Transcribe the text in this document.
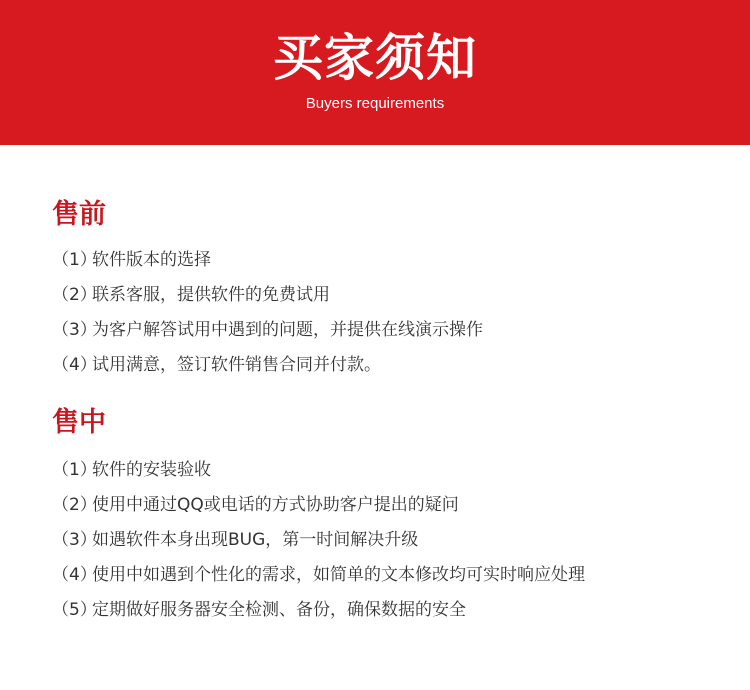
买家须知
Buyers requirements
售前
（1）
软件版本的选择
（2）
联系客服，提供软件的免费试用
（3）
为客户解答试用中遇到的问题，并提供在线演示操作
（4）
试用满意，签订软件销售合同并付款。
售中
（1）
软件的安装验收
（2）
使用中通过QQ或电话的方式协助客户提出的疑问
（3）
如遇软件本身出现BUG，第一时间解决升级
（4）
使用中如遇到个性化的需求，如简单的文本修改均可实时响应处理
（5）
定期做好服务器安全检测、备份，确保数据的安全
